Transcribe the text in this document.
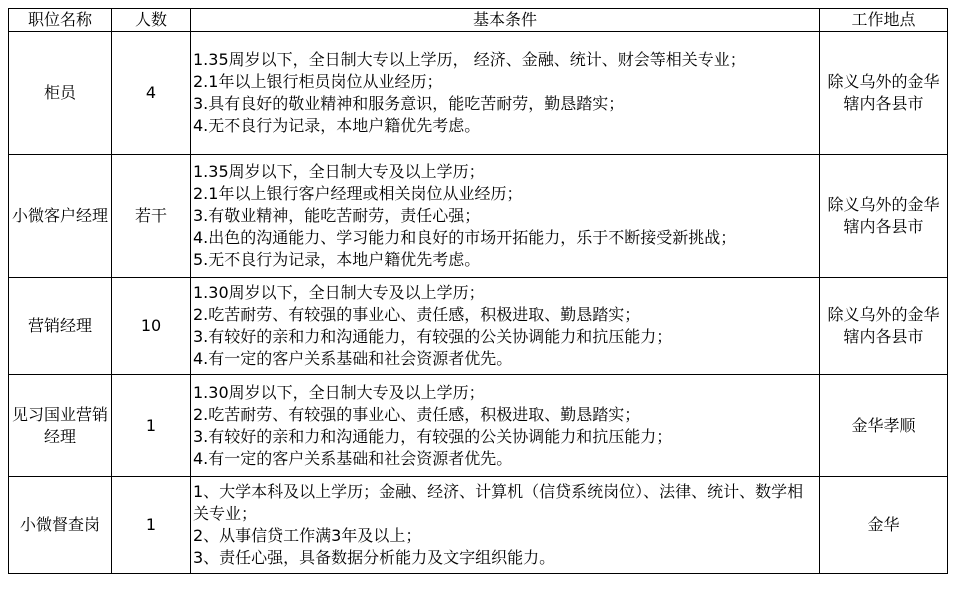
职位名称	人数	基本条件	工作地点
柜员	4	1.35周岁以下，全日制大专以上学历， 经济、金融、统计、财会等相关专业；
2.1年以上银行柜员岗位从业经历；
3.具有良好的敬业精神和服务意识，能吃苦耐劳，勤恳踏实；
4.无不良行为记录，本地户籍优先考虑。	除义乌外的金华辖内各县市
小微客户经理	若干	1.35周岁以下，全日制大专及以上学历；
2.1年以上银行客户经理或相关岗位从业经历；
3.有敬业精神，能吃苦耐劳，责任心强；
4.出色的沟通能力、学习能力和良好的市场开拓能力，乐于不断接受新挑战；
5.无不良行为记录，本地户籍优先考虑。	除义乌外的金华辖内各县市
营销经理	10	1.30周岁以下，全日制大专及以上学历；
2.吃苦耐劳、有较强的事业心、责任感，积极进取、勤恳踏实；
3.有较好的亲和力和沟通能力，有较强的公关协调能力和抗压能力；
4.有一定的客户关系基础和社会资源者优先。	除义乌外的金华辖内各县市
见习国业营销经理	1	1.30周岁以下，全日制大专及以上学历；
2.吃苦耐劳、有较强的事业心、责任感，积极进取、勤恳踏实；
3.有较好的亲和力和沟通能力，有较强的公关协调能力和抗压能力；
4.有一定的客户关系基础和社会资源者优先。	金华孝顺
小微督查岗	1	1、大学本科及以上学历；金融、经济、计算机（信贷系统岗位）、法律、统计、数学相关专业；
2、从事信贷工作满3年及以上；
3、责任心强，具备数据分析能力及文字组织能力。	金华
